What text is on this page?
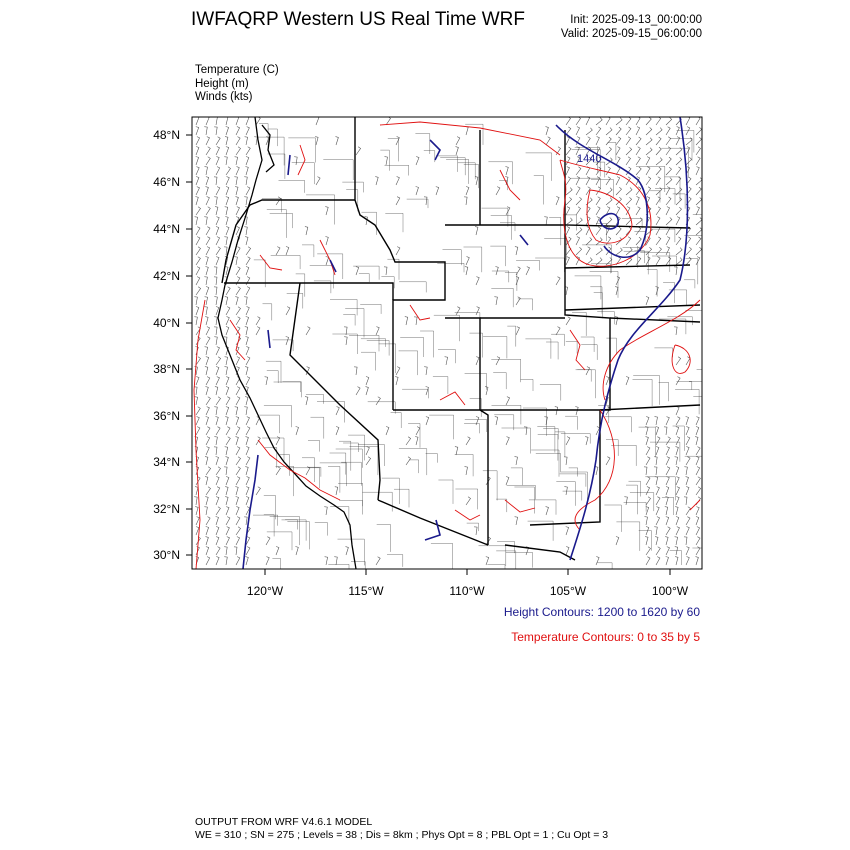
IWFAQRP Western US Real Time WRF	Init: 2025-09-13_00:00:00
Valid: 2025-09-15_06:00:00
Temperature (C)
Height (m)
Winds (kts)
1440
48°N
46°N
44°N
42°N
40°N
38°N
36°N
34°N
32°N
30°N
120°W	115°W	110°W	105°W	100°W
Height Contours: 1200 to 1620 by 60
Temperature Contours: 0 to 35 by 5
OUTPUT FROM WRF V4.6.1 MODEL
WE = 310 ; SN = 275 ; Levels = 38 ; Dis = 8km ; Phys Opt = 8 ; PBL Opt = 1 ; Cu Opt = 3
